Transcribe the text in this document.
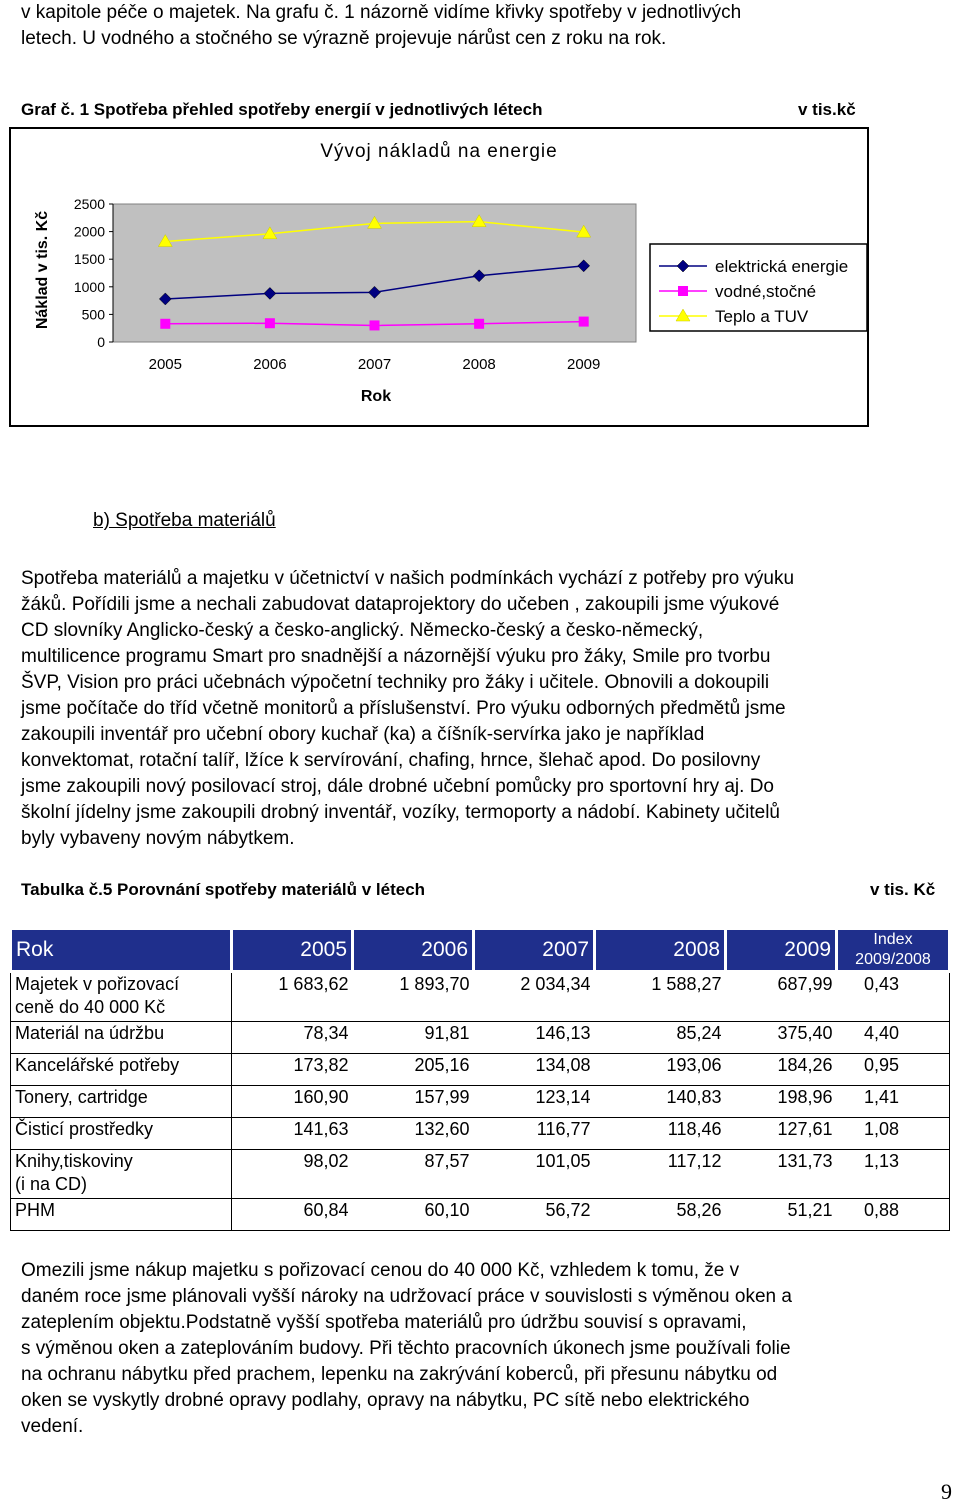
v kapitole péče o majetek. Na grafu č. 1 názorně vidíme křivky spotřeby v jednotlivých

letech. U vodného a stočného se výrazně projevuje nárůst cen z roku na rok.

Graf č. 1 Spotřeba přehled spotřeby energií v jednotlivých létech	v tis.kč
Vývoj nákladů na energie
Náklad v tis. Kč
2500
2000
1500
1000
500
0
2005	2006	2007	2008	2009
Rok
elektrická energie
vodné,stočné
Teplo a TUV
b) Spotřeba materiálů

Spotřeba materiálů a majetku v účetnictví v našich podmínkách vychází z potřeby pro výuku

žáků. Pořídili jsme a nechali zabudovat dataprojektory do učeben , zakoupili jsme výukové

CD slovníky Anglicko-český a česko-anglický. Německo-český a česko-německý,

multilicence programu Smart pro snadnější a názornější výuku pro žáky, Smile pro tvorbu

ŠVP, Vision pro práci učebnách výpočetní techniky pro žáky i učitele. Obnovili a dokoupili

jsme počítače do tříd včetně monitorů a příslušenství. Pro výuku odborných předmětů jsme

zakoupili inventář pro učební obory kuchař (ka) a číšník-servírka jako je například

konvektomat, rotační talíř, lžíce k servírování, chafing, hrnce, šlehač apod. Do posilovny

jsme zakoupili nový posilovací stroj, dále drobné učební pomůcky pro sportovní hry aj. Do

školní jídelny jsme zakoupili drobný inventář, vozíky, termoporty a nádobí. Kabinety učitelů

byly vybaveny novým nábytkem.

Tabulka č.5 Porovnání spotřeby materiálů v létech	v tis. Kč
Rok	2005	2006	2007	2008	2009	Index
2009/2008

Majetek v pořizovací
ceně do 40 000 Kč	1 683,62	1 893,70	2 034,34	1 588,27	687,99	0,43
Materiál na údržbu	78,34	91,81	146,13	85,24	375,40	4,40
Kancelářské potřeby	173,82	205,16	134,08	193,06	184,26	0,95
Tonery, cartridge	160,90	157,99	123,14	140,83	198,96	1,41
Čisticí prostředky	141,63	132,60	116,77	118,46	127,61	1,08
Knihy,tiskoviny
(i na CD)	98,02	87,57	101,05	117,12	131,73	1,13
PHM	60,84	60,10	56,72	58,26	51,21	0,88

Omezili jsme nákup majetku s pořizovací cenou do 40 000 Kč, vzhledem k tomu, že v

daném roce jsme plánovali vyšší nároky na udržovací práce v souvislosti s výměnou oken a

zateplením objektu.Podstatně vyšší spotřeba materiálů pro údržbu souvisí s opravami,

s výměnou oken a zateplováním budovy. Při těchto pracovních úkonech jsme používali folie

na ochranu nábytku před prachem, lepenku na zakrývání koberců, při přesunu nábytku od

oken se vyskytly drobné opravy podlahy, opravy na nábytku, PC sítě nebo elektrického

vedení.

9
